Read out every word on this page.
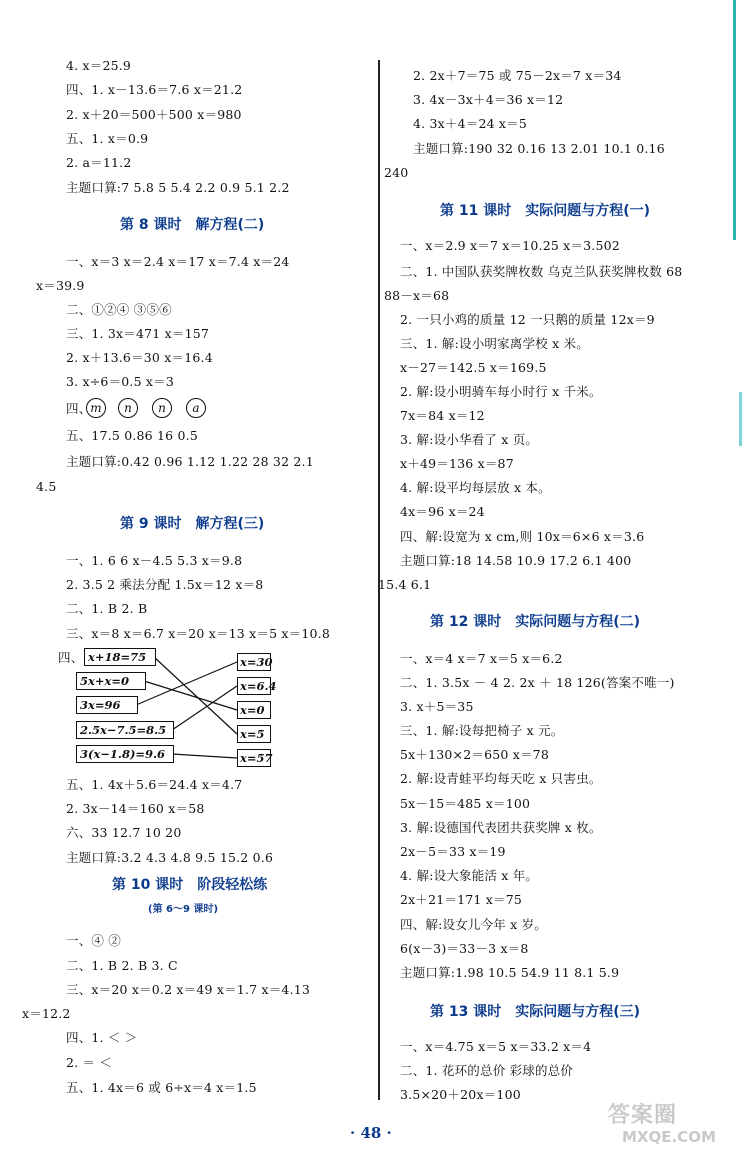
4. x＝25.9
四、1. x－13.6＝7.6 x＝21.2
2. x＋20＝500＋500 x＝980
五、1. x＝0.9
2. a＝11.2
主题口算:7 5.8 5 5.4 2.2 0.9 5.1 2.2
第 8 课时 解方程(二)
一、x＝3 x＝2.4 x＝17 x＝7.4 x＝24
x＝39.9
二、①②④ ③⑤⑥
三、1. 3x＝471 x＝157
2. x＋13.6＝30 x＝16.4
3. x÷6＝0.5 x＝3
四、
m	n	n	a
五、17.5 0.86 16 0.5
主题口算:0.42 0.96 1.12 1.22 28 32 2.1
4.5
第 9 课时 解方程(三)
一、1. 6 6 x－4.5 5.3 x＝9.8
2. 3.5 2 乘法分配 1.5x＝12 x＝8
二、1. B 2. B
三、x＝8 x＝6.7 x＝20 x＝13 x＝5 x＝10.8
四、 x+18=75
5x+x=0
3x=96
2.5x−7.5=8.5
3(x−1.8)=9.6
x=30
x=6.4
x=0
x=5
x=57
五、1. 4x＋5.6＝24.4 x＝4.7
2. 3x－14＝160 x＝58
六、33 12.7 10 20
主题口算:3.2 4.3 4.8 9.5 15.2 0.6
第 10 课时 阶段轻松练
(第 6～9 课时)
一、④ ②
二、1. B 2. B 3. C
三、x＝20 x＝0.2 x＝49 x＝1.7 x＝4.13
x＝12.2
四、1. ＜ ＞
2. ＝ ＜
五、1. 4x＝6 或 6÷x＝4 x＝1.5
2. 2x＋7＝75 或 75－2x＝7 x＝34
3. 4x－3x＋4＝36 x＝12
4. 3x＋4＝24 x＝5
主题口算:190 32 0.16 13 2.01 10.1 0.16
240
第 11 课时 实际问题与方程(一)
一、x＝2.9 x＝7 x＝10.25 x＝3.502
二、1. 中国队获奖牌枚数 乌克兰队获奖牌枚数 68
88－x＝68
2. 一只小鸡的质量 12 一只鹅的质量 12x＝9
三、1. 解:设小明家离学校 x 米。
x－27＝142.5 x＝169.5
2. 解:设小明骑车每小时行 x 千米。
7x＝84 x＝12
3. 解:设小华看了 x 页。
x＋49＝136 x＝87
4. 解:设平均每层放 x 本。
4x＝96 x＝24
四、解:设宽为 x cm,则 10x＝6×6 x＝3.6
主题口算:18 14.58 10.9 17.2 6.1 400
15.4 6.1
第 12 课时 实际问题与方程(二)
一、x＝4 x＝7 x＝5 x＝6.2
二、1. 3.5x － 4 2. 2x ＋ 18 126(答案不唯一)
3. x＋5＝35
三、1. 解:设每把椅子 x 元。
5x＋130×2＝650 x＝78
2. 解:设青蛙平均每天吃 x 只害虫。
5x－15＝485 x＝100
3. 解:设德国代表团共获奖牌 x 枚。
2x－5＝33 x＝19
4. 解:设大象能活 x 年。
2x＋21＝171 x＝75
四、解:设女儿今年 x 岁。
6(x－3)＝33－3 x＝8
主题口算:1.98 10.5 54.9 11 8.1 5.9
第 13 课时 实际问题与方程(三)
一、x＝4.75 x＝5 x＝33.2 x＝4
二、1. 花环的总价 彩球的总价
3.5×20＋20x＝100
· 48 ·
答案圈
MXQE.COM
